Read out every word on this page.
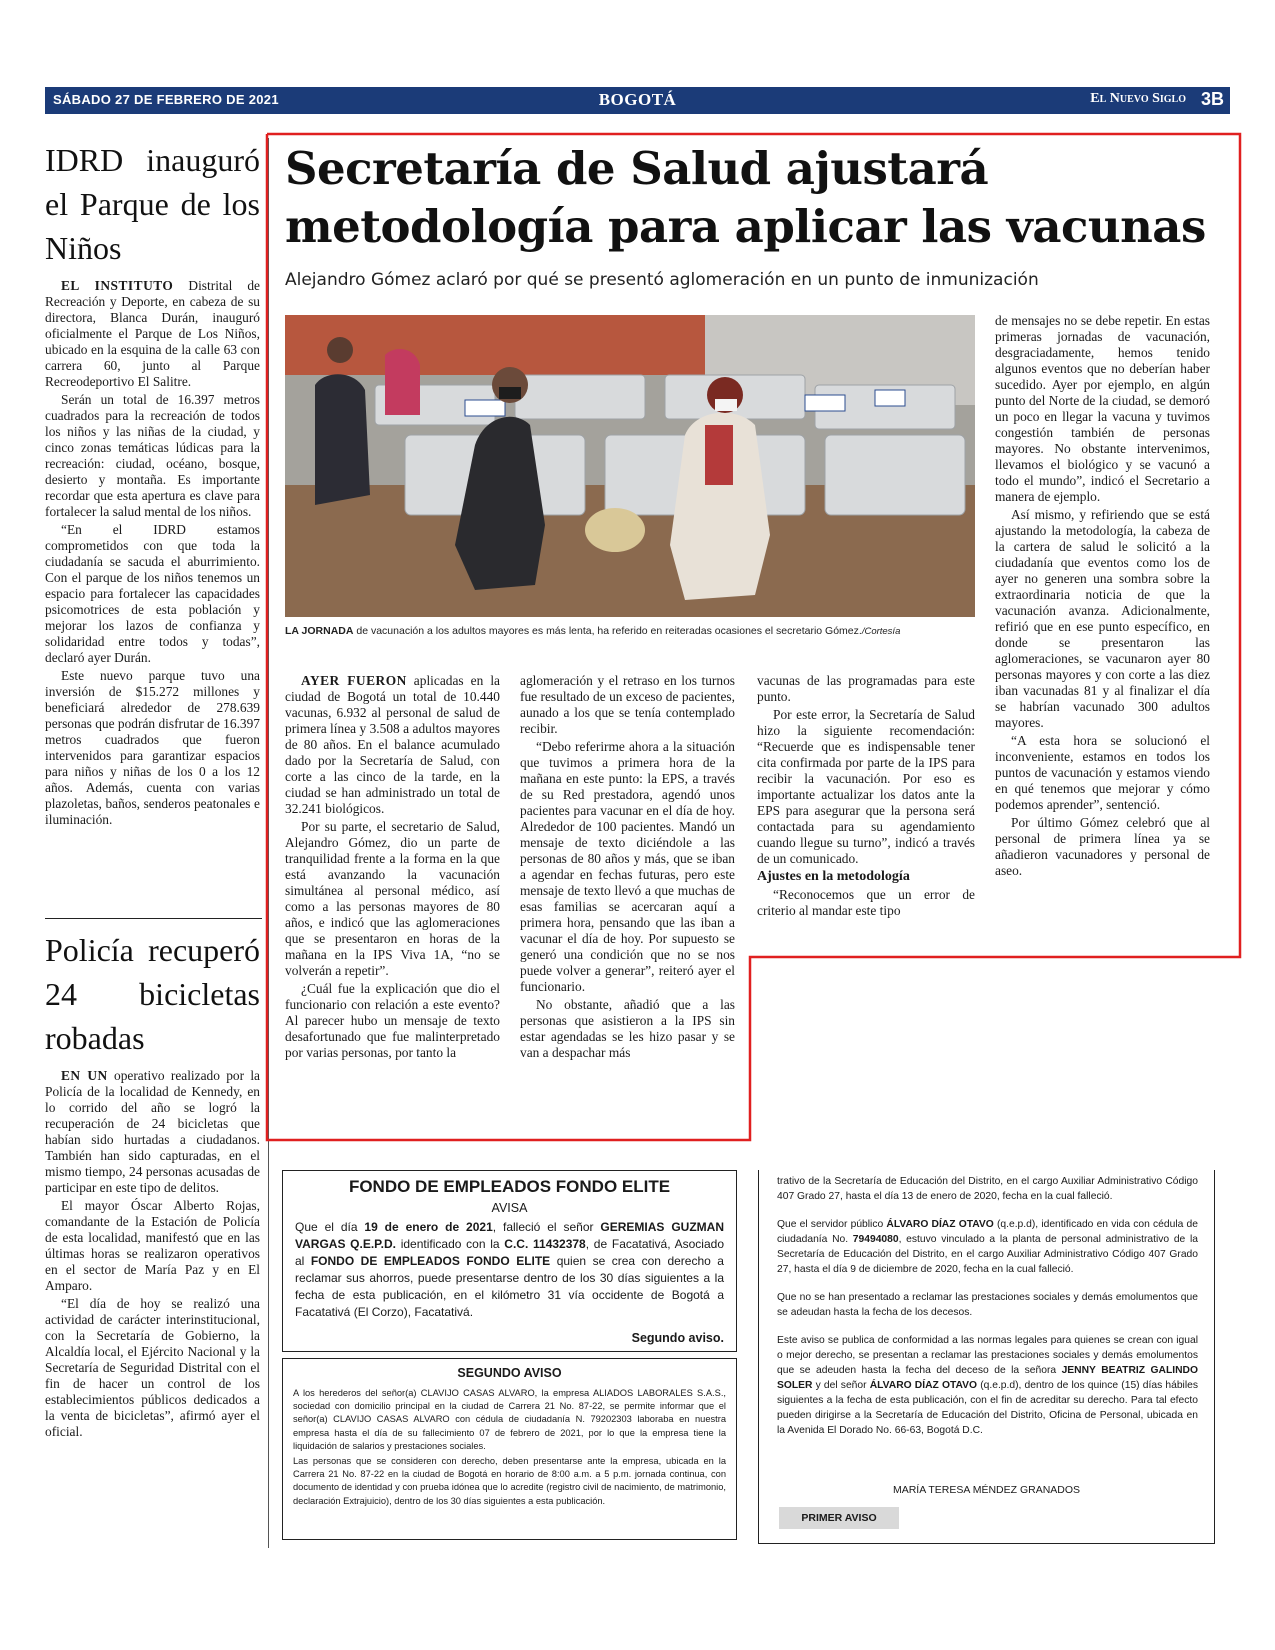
SÁBADO 27 DE FEBRERO DE 2021	BOGOTÁ	El Nuevo Siglo 3B
IDRD inauguró el Parque de los Niños

EL INSTITUTO Distrital de Recreación y Deporte, en cabeza de su directora, Blanca Durán, inauguró oficialmente el Parque de Los Niños, ubicado en la esquina de la calle 63 con carrera 60, junto al Parque Recreodeportivo El Salitre.

Serán un total de 16.397 metros cuadrados para la recreación de todos los niños y las niñas de la ciudad, y cinco zonas temáticas lúdicas para la recreación: ciudad, océano, bosque, desierto y montaña. Es importante recordar que esta apertura es clave para fortalecer la salud mental de los niños.

“En el IDRD estamos comprometidos con que toda la ciudadanía se sacuda el aburrimiento. Con el parque de los niños tenemos un espacio para fortalecer las capacidades psicomotrices de esta población y mejorar los lazos de confianza y solidaridad entre todos y todas”, declaró ayer Durán.

Este nuevo parque tuvo una inversión de $15.272 millones y beneficiará alrededor de 278.639 personas que podrán disfrutar de 16.397 metros cuadrados que fueron intervenidos para garantizar espacios para niños y niñas de los 0 a los 12 años. Además, cuenta con varias plazoletas, baños, senderos peatonales e iluminación.

Policía recuperó 24 bicicletas robadas

EN UN operativo realizado por la Policía de la localidad de Kennedy, en lo corrido del año se logró la recuperación de 24 bicicletas que habían sido hurtadas a ciudadanos. También han sido capturadas, en el mismo tiempo, 24 personas acusadas de participar en este tipo de delitos.

El mayor Óscar Alberto Rojas, comandante de la Estación de Policía de esta localidad, manifestó que en las últimas horas se realizaron operativos en el sector de María Paz y en El Amparo.

“El día de hoy se realizó una actividad de carácter interinstitucional, con la Secretaría de Gobierno, la Alcaldía local, el Ejército Nacional y la Secretaría de Seguridad Distrital con el fin de hacer un control de los establecimientos públicos dedicados a la venta de bicicletas”, afirmó ayer el oficial.

Secretaría de Salud ajustará metodología para aplicar las vacunas
Alejandro Gómez aclaró por qué se presentó aglomeración en un punto de inmunización
LA JORNADA de vacunación a los adultos mayores es más lenta, ha referido en reiteradas ocasiones el secretario Gómez./Cortesía

AYER FUERON aplicadas en la ciudad de Bogotá un total de 10.440 vacunas, 6.932 al personal de salud de primera línea y 3.508 a adultos mayores de 80 años. En el balance acumulado dado por la Secretaría de Salud, con corte a las cinco de la tarde, en la ciudad se han administrado un total de 32.241 biológicos.

Por su parte, el secretario de Salud, Alejandro Gómez, dio un parte de tranquilidad frente a la forma en la que está avanzando la vacunación simultánea al personal médico, así como a las personas mayores de 80 años, e indicó que las aglomeraciones que se presentaron en horas de la mañana en la IPS Viva 1A, “no se volverán a repetir”.

¿Cuál fue la explicación que dio el funcionario con relación a este evento? Al parecer hubo un mensaje de texto desafortunado que fue malinterpretado por varias personas, por tanto la

aglomeración y el retraso en los turnos fue resultado de un exceso de pacientes, aunado a los que se tenía contemplado recibir.

“Debo referirme ahora a la situación que tuvimos a primera hora de la mañana en este punto: la EPS, a través de su Red prestadora, agendó unos pacientes para vacunar en el día de hoy. Alrededor de 100 pacientes. Mandó un mensaje de texto diciéndole a las personas de 80 años y más, que se iban a agendar en fechas futuras, pero este mensaje de texto llevó a que muchas de esas familias se acercaran aquí a primera hora, pensando que las iban a vacunar el día de hoy. Por supuesto se generó una condición que no se nos puede volver a generar”, reiteró ayer el funcionario.

No obstante, añadió que a las personas que asistieron a la IPS sin estar agendadas se les hizo pasar y se van a despachar más

vacunas de las programadas para este punto.

Por este error, la Secretaría de Salud hizo la siguiente recomendación: “Recuerde que es indispensable tener cita confirmada por parte de la IPS para recibir la vacunación. Por eso es importante actualizar los datos ante la EPS para asegurar que la persona será contactada para su agendamiento cuando llegue su turno”, indicó a través de un comunicado.

Ajustes en la metodología

“Reconocemos que un error de criterio al mandar este tipo

de mensajes no se debe repetir. En estas primeras jornadas de vacunación, desgraciadamente, hemos tenido algunos eventos que no deberían haber sucedido. Ayer por ejemplo, en algún punto del Norte de la ciudad, se demoró un poco en llegar la vacuna y tuvimos congestión también de personas mayores. No obstante intervenimos, llevamos el biológico y se vacunó a todo el mundo”, indicó el Secretario a manera de ejemplo.

Así mismo, y refiriendo que se está ajustando la metodología, la cabeza de la cartera de salud le solicitó a la ciudadanía que eventos como los de ayer no generen una sombra sobre la extraordinaria noticia de que la vacunación avanza. Adicionalmente, refirió que en ese punto específico, en donde se presentaron las aglomeraciones, se vacunaron ayer 80 personas mayores y con corte a las diez iban vacunadas 81 y al finalizar el día se habrían vacunado 300 adultos mayores.

“A esta hora se solucionó el inconveniente, estamos en todos los puntos de vacunación y estamos viendo en qué tenemos que mejorar y cómo podemos aprender”, sentenció.

Por último Gómez celebró que al personal de primera línea ya se añadieron vacunadores y personal de aseo.

FONDO DE EMPLEADOS FONDO ELITE
AVISA
Que el día 19 de enero de 2021, falleció el señor GEREMIAS GUZMAN VARGAS Q.E.P.D. identificado con la C.C. 11432378, de Facatativá, Asociado al FONDO DE EMPLEADOS FONDO ELITE quien se crea con derecho a reclamar sus ahorros, puede presentarse dentro de los 30 días siguientes a la fecha de esta publicación, en el kilómetro 31 vía occidente de Bogotá a Facatativá (El Corzo), Facatativá.
Segundo aviso.
SEGUNDO AVISO

A los herederos del señor(a) CLAVIJO CASAS ALVARO, la empresa ALIADOS LABORALES S.A.S., sociedad con domicilio principal en la ciudad de Carrera 21 No. 87-22, se permite informar que el señor(a) CLAVIJO CASAS ALVARO con cédula de ciudadanía N. 79202303 laboraba en nuestra empresa hasta el día de su fallecimiento 07 de febrero de 2021, por lo que la empresa tiene la liquidación de salarios y prestaciones sociales.

Las personas que se consideren con derecho, deben presentarse ante la empresa, ubicada en la Carrera 21 No. 87-22 en la ciudad de Bogotá en horario de 8:00 a.m. a 5 p.m. jornada continua, con documento de identidad y con prueba idónea que lo acredite (registro civil de nacimiento, de matrimonio, declaración Extrajuicio), dentro de los 30 días siguientes a esta publicación.

trativo de la Secretaría de Educación del Distrito, en el cargo Auxiliar Administrativo Código 407 Grado 27, hasta el día 13 de enero de 2020, fecha en la cual falleció.

Que el servidor público ÁLVARO DÍAZ OTAVO (q.e.p.d), identificado en vida con cédula de ciudadanía No. 79494080, estuvo vinculado a la planta de personal administrativo de la Secretaría de Educación del Distrito, en el cargo Auxiliar Administrativo Código 407 Grado 27, hasta el día 9 de diciembre de 2020, fecha en la cual falleció.

Que no se han presentado a reclamar las prestaciones sociales y demás emolumentos que se adeudan hasta la fecha de los decesos.

Este aviso se publica de conformidad a las normas legales para quienes se crean con igual o mejor derecho, se presentan a reclamar las prestaciones sociales y demás emolumentos que se adeuden hasta la fecha del deceso de la señora JENNY BEATRIZ GALINDO SOLER y del señor ÁLVARO DÍAZ OTAVO (q.e.p.d), dentro de los quince (15) días hábiles siguientes a la fecha de esta publicación, con el fin de acreditar su derecho. Para tal efecto pueden dirigirse a la Secretaría de Educación del Distrito, Oficina de Personal, ubicada en la Avenida El Dorado No. 66-63, Bogotá D.C.

MARÍA TERESA MÉNDEZ GRANADOS
PRIMER AVISO
